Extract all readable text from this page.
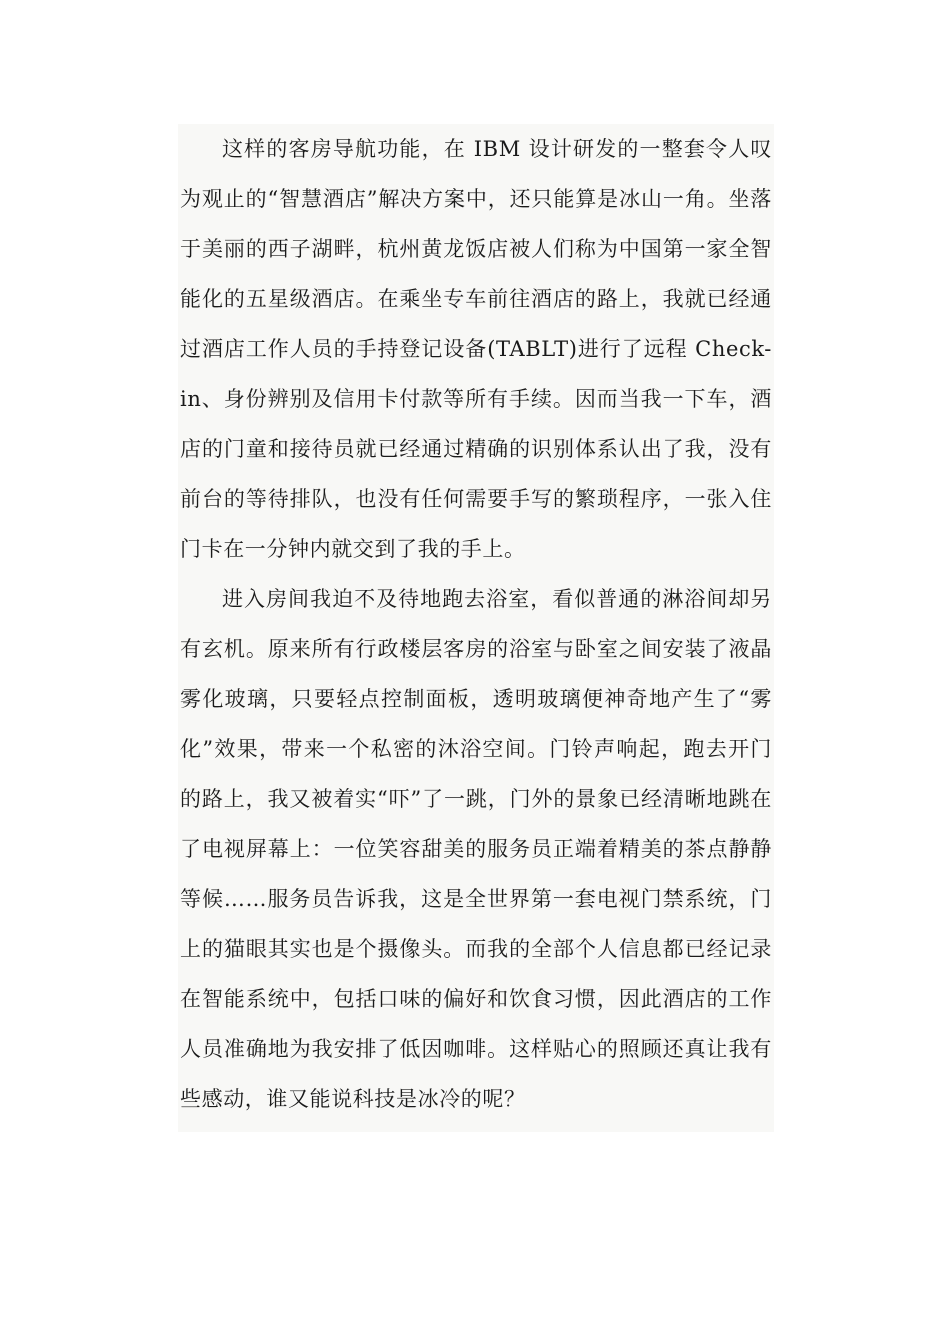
这样的客房导航功能，在 IBM 设计研发的一整套令人叹为观止的“智慧酒店”解决方案中，还只能算是冰山一角。坐落于美丽的西子湖畔，杭州黄龙饭店被人们称为中国第一家全智能化的五星级酒店。在乘坐专车前往酒店的路上，我就已经通过酒店工作人员的手持登记设备(TABLT)进行了远程 Check-in、身份辨别及信用卡付款等所有手续。因而当我一下车，酒店的门童和接待员就已经通过精确的识别体系认出了我，没有前台的等待排队，也没有任何需要手写的繁琐程序，一张入住门卡在一分钟内就交到了我的手上。

进入房间我迫不及待地跑去浴室，看似普通的淋浴间却另有玄机。原来所有行政楼层客房的浴室与卧室之间安装了液晶雾化玻璃，只要轻点控制面板，透明玻璃便神奇地产生了“雾化”效果，带来一个私密的沐浴空间。门铃声响起，跑去开门的路上，我又被着实“吓”了一跳，门外的景象已经清晰地跳在了电视屏幕上：一位笑容甜美的服务员正端着精美的茶点静静等候……服务员告诉我，这是全世界第一套电视门禁系统，门上的猫眼其实也是个摄像头。而我的全部个人信息都已经记录在智能系统中，包括口味的偏好和饮食习惯，因此酒店的工作人员准确地为我安排了低因咖啡。这样贴心的照顾还真让我有些感动，谁又能说科技是冰冷的呢？
